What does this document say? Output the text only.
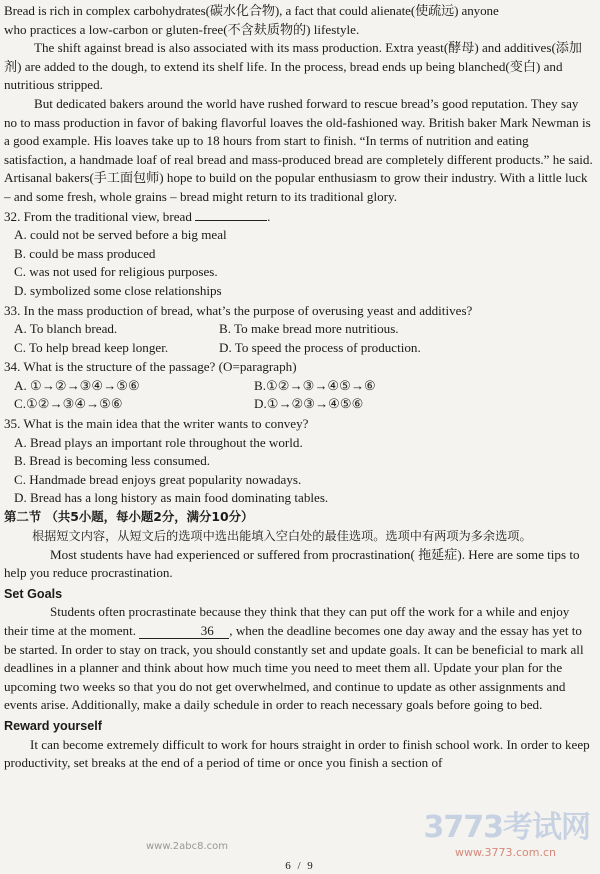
Bread is rich in complex carbohydrates(碳水化合物), a fact that could alienate(使疏远) anyone

who practices a low-carbon or gluten-free(不含麸质物的) lifestyle.

The shift against bread is also associated with its mass production. Extra yeast(酵母) and additives(添加剂) are added to the dough, to extend its shelf life. In the process, bread ends up being blanched(变白) and nutritious stripped.

But dedicated bakers around the world have rushed forward to rescue bread’s good reputation. They say no to mass production in favor of baking flavorful loaves the old-fashioned way. British baker Mark Newman is a good example. His loaves take up to 18 hours from start to finish. “In terms of nutrition and eating satisfaction, a handmade loaf of real bread and mass-produced bread are completely different products.” he said. Artisanal bakers(手工面包师) hope to build on the popular enthusiasm to grow their industry. With a little luck – and some fresh, whole grains – bread might return to its traditional glory.

32. From the traditional view, bread	.

A. could not be served before a big meal

B. could be mass produced

C. was not used for religious purposes.

D. symbolized some close relationships

33. In the mass production of bread, what’s the purpose of overusing yeast and additives?

A. To blanch bread.	B. To make bread more nutritious.
C. To help bread keep longer.	D. To speed the process of production.

34. What is the structure of the passage? (O=paragraph)

A. ①→②→③④→⑤⑥	B.①②→③→④⑤→⑥
C.①②→③④→⑤⑥	D.①→②③→④⑤⑥

35. What is the main idea that the writer wants to convey?

A. Bread plays an important role throughout the world.

B. Bread is becoming less consumed.

C. Handmade bread enjoys great popularity nowadays.

D. Bread has a long history as main food dominating tables.

第二节 （共5小题，每小题2分，满分10分）

根据短文内容，从短文后的选项中选出能填入空白处的最佳选项。选项中有两项为多余选项。

Most students have had experienced or suffered from procrastination( 拖延症). Here are some tips to help you reduce procrastination.

Set Goals

Students often procrastinate because they think that they can put off the work for a while and enjoy their time at the moment.	36 , when the deadline becomes one day away and the essay has yet to be started. In order to stay on track, you should constantly set and update goals. It can be beneficial to mark all deadlines in a planner and think about how much time you need to meet them all. Update your plan for the upcoming two weeks so that you do not get overwhelmed, and continue to update as other assignments and events arise. Additionally, make a daily schedule in order to reach necessary goals before going to bed.

Reward yourself

It can become extremely difficult to work for hours straight in order to finish school work. In order to keep productivity, set breaks at the end of a period of time or once you finish a section of

www.2abc8.com
3773考试网
www.3773.com.cn
6 / 9
